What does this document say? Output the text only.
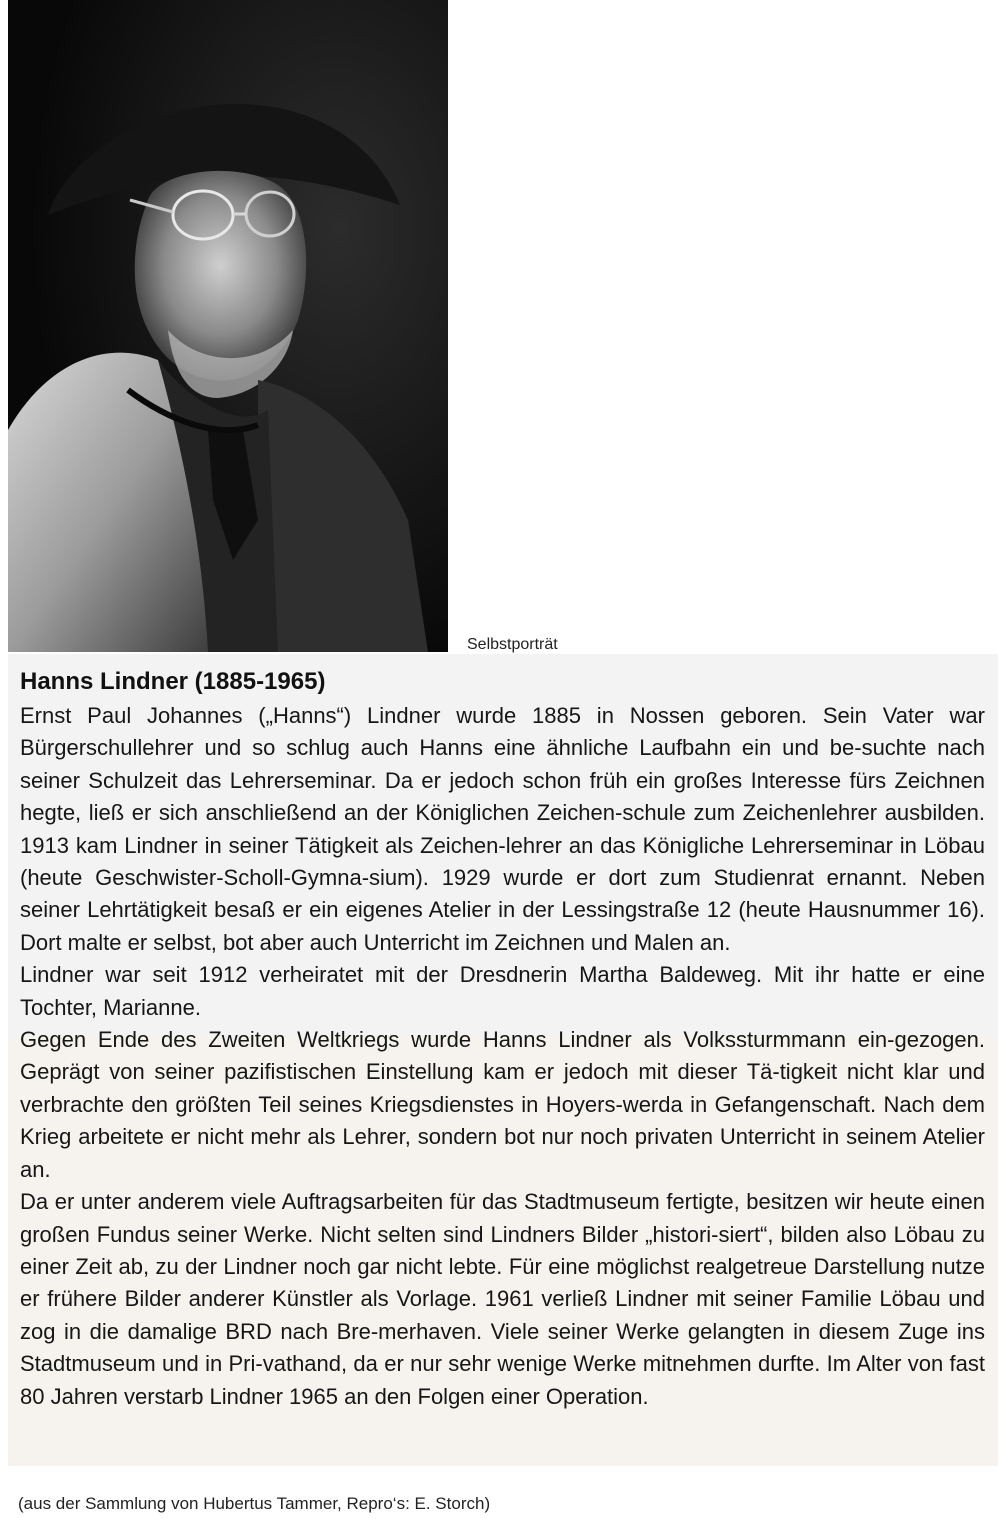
Selbstporträt
Hanns Lindner (1885-1965)

Ernst Paul Johannes („Hanns“) Lindner wurde 1885 in Nossen geboren. Sein Vater war Bürgerschullehrer und so schlug auch Hanns eine ähnliche Laufbahn ein und be-suchte nach seiner Schulzeit das Lehrerseminar. Da er jedoch schon früh ein großes Interesse fürs Zeichnen hegte, ließ er sich anschließend an der Königlichen Zeichen-schule zum Zeichenlehrer ausbilden. 1913 kam Lindner in seiner Tätigkeit als Zeichen-lehrer an das Königliche Lehrerseminar in Löbau (heute Geschwister-Scholl-Gymna-sium). 1929 wurde er dort zum Studienrat ernannt. Neben seiner Lehrtätigkeit besaß er ein eigenes Atelier in der Lessingstraße 12 (heute Hausnummer 16). Dort malte er selbst, bot aber auch Unterricht im Zeichnen und Malen an.

Lindner war seit 1912 verheiratet mit der Dresdnerin Martha Baldeweg. Mit ihr hatte er eine Tochter, Marianne.

Gegen Ende des Zweiten Weltkriegs wurde Hanns Lindner als Volkssturmmann ein-gezogen. Geprägt von seiner pazifistischen Einstellung kam er jedoch mit dieser Tä-tigkeit nicht klar und verbrachte den größten Teil seines Kriegsdienstes in Hoyers-werda in Gefangenschaft. Nach dem Krieg arbeitete er nicht mehr als Lehrer, sondern bot nur noch privaten Unterricht in seinem Atelier an.

Da er unter anderem viele Auftragsarbeiten für das Stadtmuseum fertigte, besitzen wir heute einen großen Fundus seiner Werke. Nicht selten sind Lindners Bilder „histori-siert“, bilden also Löbau zu einer Zeit ab, zu der Lindner noch gar nicht lebte. Für eine möglichst realgetreue Darstellung nutze er frühere Bilder anderer Künstler als Vorlage. 1961 verließ Lindner mit seiner Familie Löbau und zog in die damalige BRD nach Bre-merhaven. Viele seiner Werke gelangten in diesem Zuge ins Stadtmuseum und in Pri-vathand, da er nur sehr wenige Werke mitnehmen durfte. Im Alter von fast 80 Jahren verstarb Lindner 1965 an den Folgen einer Operation.

(aus der Sammlung von Hubertus Tammer, Repro‘s: E. Storch)
